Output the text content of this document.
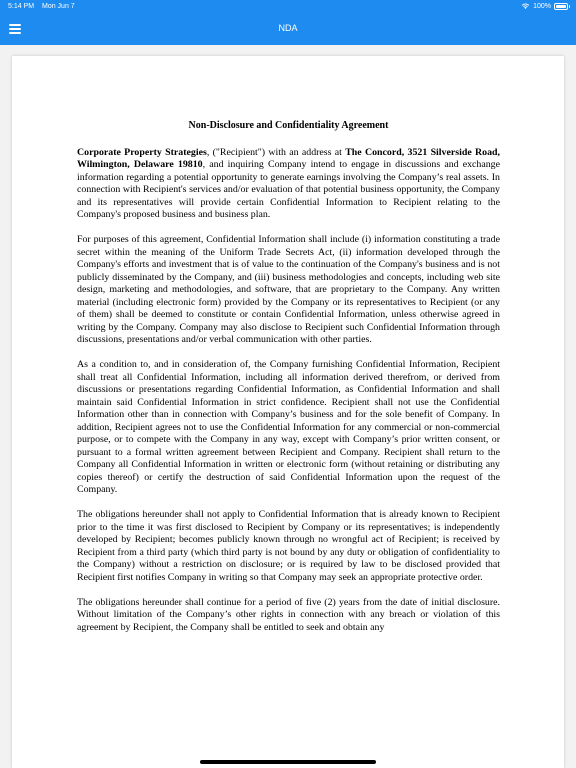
5:14 PM Mon Jun 7	100%
NDA
Non-Disclosure and Confidentiality Agreement

Corporate Property Strategies, ("Recipient") with an address at The Concord, 3521 Silverside Road, Wilmington, Delaware 19810, and inquiring Company intend to engage in discussions and exchange information regarding a potential opportunity to generate earnings involving the Company’s real assets. In connection with Recipient's services and/or evaluation of that potential business opportunity, the Company and its representatives will provide certain Confidential Information to Recipient relating to the Company's proposed business and business plan.

For purposes of this agreement, Confidential Information shall include (i) information constituting a trade secret within the meaning of the Uniform Trade Secrets Act, (ii) information developed through the Company's efforts and investment that is of value to the continuation of the Company's business and is not publicly disseminated by the Company, and (iii) business methodologies and concepts, including web site design, marketing and methodologies, and software, that are proprietary to the Company. Any written material (including electronic form) provided by the Company or its representatives to Recipient (or any of them) shall be deemed to constitute or contain Confidential Information, unless otherwise agreed in writing by the Company. Company may also disclose to Recipient such Confidential Information through discussions, presentations and/or verbal communication with other parties.

As a condition to, and in consideration of, the Company furnishing Confidential Information, Recipient shall treat all Confidential Information, including all information derived therefrom, or derived from discussions or presentations regarding Confidential Information, as Confidential Information and shall maintain said Confidential Information in strict confidence. Recipient shall not use the Confidential Information other than in connection with Company’s business and for the sole benefit of Company. In addition, Recipient agrees not to use the Confidential Information for any commercial or non-commercial purpose, or to compete with the Company in any way, except with Company’s prior written consent, or pursuant to a formal written agreement between Recipient and Company. Recipient shall return to the Company all Confidential Information in written or electronic form (without retaining or distributing any copies thereof) or certify the destruction of said Confidential Information upon the request of the Company.

The obligations hereunder shall not apply to Confidential Information that is already known to Recipient prior to the time it was first disclosed to Recipient by Company or its representatives; is independently developed by Recipient; becomes publicly known through no wrongful act of Recipient; is received by Recipient from a third party (which third party is not bound by any duty or obligation of confidentiality to the Company) without a restriction on disclosure; or is required by law to be disclosed provided that Recipient first notifies Company in writing so that Company may seek an appropriate protective order.

The obligations hereunder shall continue for a period of five (2) years from the date of initial disclosure. Without limitation of the Company’s other rights in connection with any breach or violation of this agreement by Recipient, the Company shall be entitled to seek and obtain any
